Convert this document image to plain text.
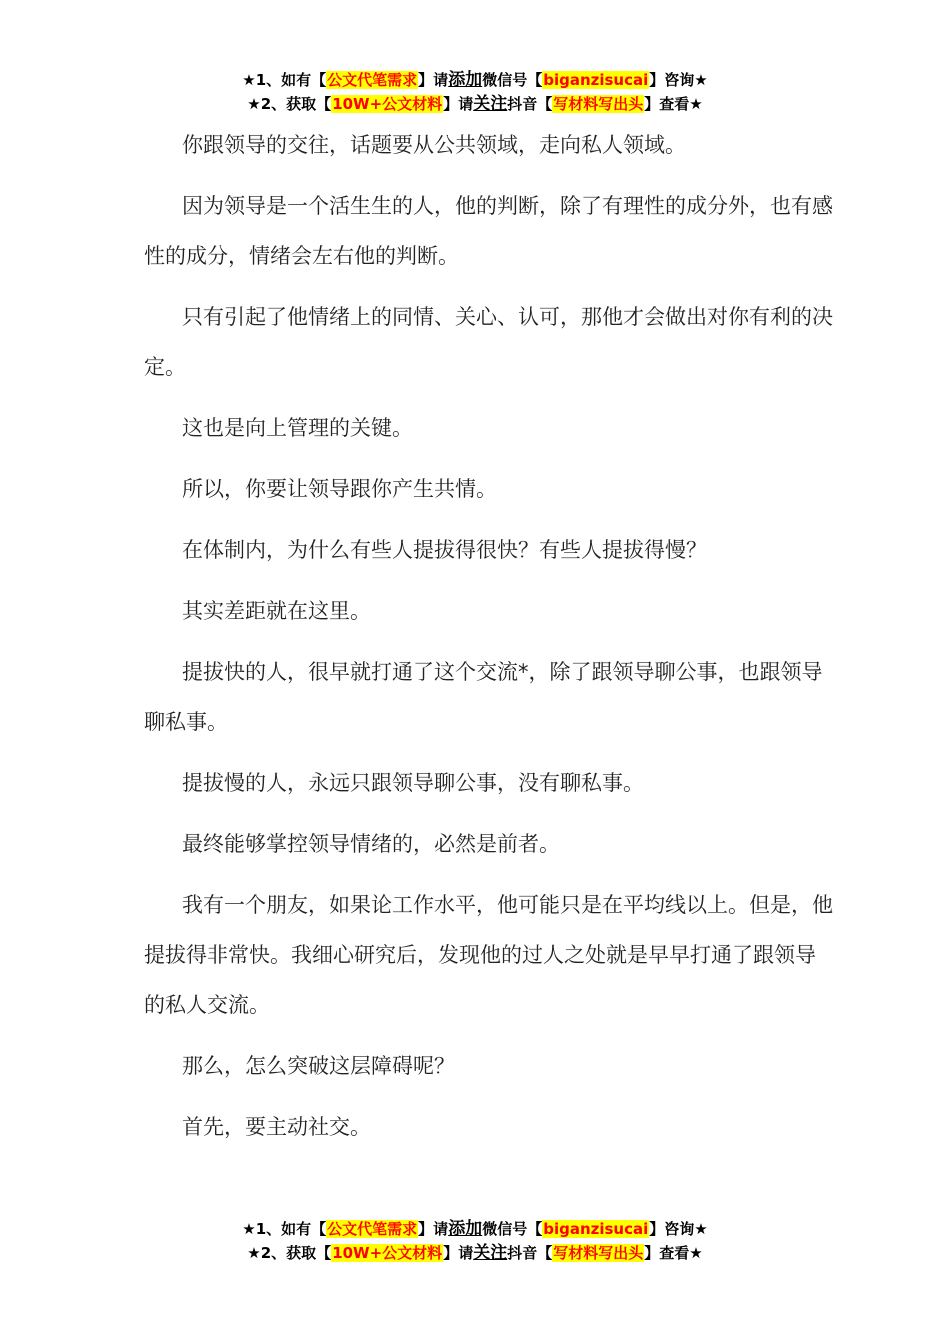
★1、如有【公文代笔需求】请添加微信号【biganzisucai】咨询★
★2、获取【10W+公文材料】请关注抖音【写材料写出头】查看★

你跟领导的交往，话题要从公共领域，走向私人领域。

因为领导是一个活生生的人，他的判断，除了有理性的成分外，也有感性的成分，情绪会左右他的判断。

只有引起了他情绪上的同情、关心、认可，那他才会做出对你有利的决定。

这也是向上管理的关键。

所以，你要让领导跟你产生共情。

在体制内，为什么有些人提拔得很快？有些人提拔得慢？

其实差距就在这里。

提拔快的人，很早就打通了这个交流*，除了跟领导聊公事，也跟领导聊私事。

提拔慢的人，永远只跟领导聊公事，没有聊私事。

最终能够掌控领导情绪的，必然是前者。

我有一个朋友，如果论工作水平，他可能只是在平均线以上。但是，他提拔得非常快。我细心研究后，发现他的过人之处就是早早打通了跟领导的私人交流。

那么，怎么突破这层障碍呢？

首先，要主动社交。

★1、如有【公文代笔需求】请添加微信号【biganzisucai】咨询★
★2、获取【10W+公文材料】请关注抖音【写材料写出头】查看★
